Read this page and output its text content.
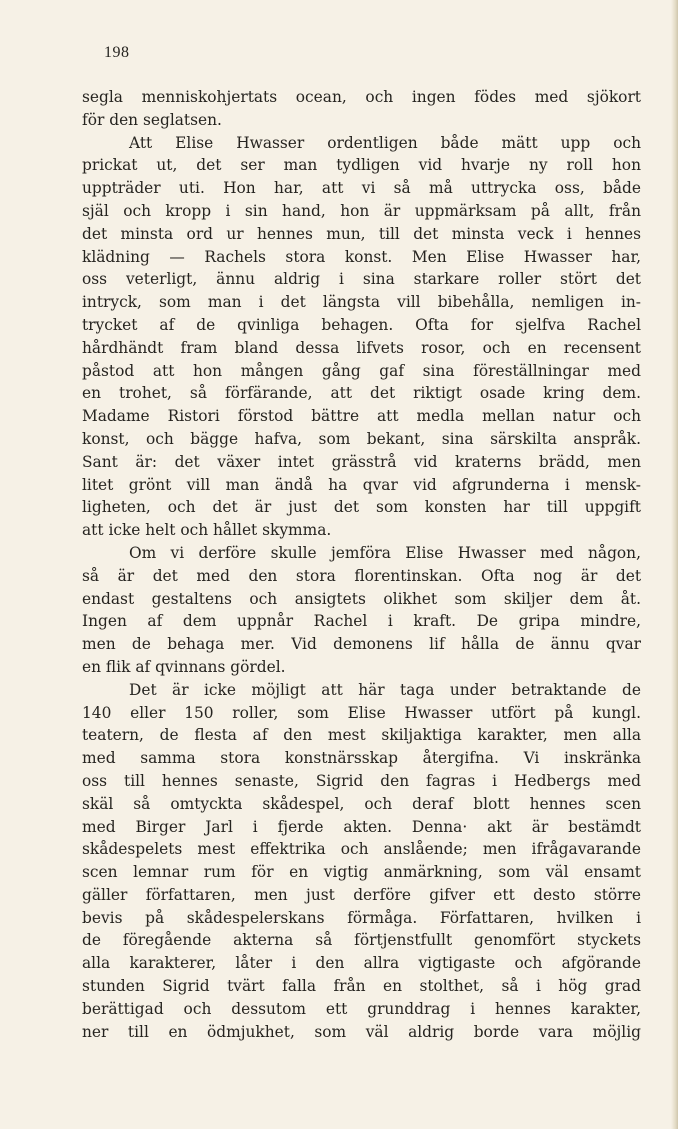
198
segla menniskohjertats ocean, och ingen födes med sjökort
för den seglatsen.
Att Elise Hwasser ordentligen både mätt upp och
prickat ut, det ser man tydligen vid hvarje ny roll hon
uppträder uti. Hon har, att vi så må uttrycka oss, både
själ och kropp i sin hand, hon är uppmärksam på allt, från
det minsta ord ur hennes mun, till det minsta veck i hennes
klädning — Rachels stora konst. Men Elise Hwasser har,
oss veterligt, ännu aldrig i sina starkare roller stört det
intryck, som man i det längsta vill bibehålla, nemligen in-
trycket af de qvinliga behagen. Ofta for sjelfva Rachel
hårdhändt fram bland dessa lifvets rosor, och en recensent
påstod att hon mången gång gaf sina föreställningar med
en trohet, så förfärande, att det riktigt osade kring dem.
Madame Ristori förstod bättre att medla mellan natur och
konst, och bägge hafva, som bekant, sina särskilta anspråk.
Sant är: det växer intet grässtrå vid kraterns brädd, men
litet grönt vill man ändå ha qvar vid afgrunderna i mensk-
ligheten, och det är just det som konsten har till uppgift
att icke helt och hållet skymma.
Om vi derföre skulle jemföra Elise Hwasser med någon,
så är det med den stora florentinskan. Ofta nog är det
endast gestaltens och ansigtets olikhet som skiljer dem åt.
Ingen af dem uppnår Rachel i kraft. De gripa mindre,
men de behaga mer. Vid demonens lif hålla de ännu qvar
en flik af qvinnans gördel.
Det är icke möjligt att här taga under betraktande de
140 eller 150 roller, som Elise Hwasser utfört på kungl.
teatern, de flesta af den mest skiljaktiga karakter, men alla
med samma stora konstnärsskap återgifna. Vi inskränka
oss till hennes senaste, Sigrid den fagras i Hedbergs med
skäl så omtyckta skådespel, och deraf blott hennes scen
med Birger Jarl i fjerde akten. Denna· akt är bestämdt
skådespelets mest effektrika och anslående; men ifrågavarande
scen lemnar rum för en vigtig anmärkning, som väl ensamt
gäller författaren, men just derföre gifver ett desto större
bevis på skådespelerskans förmåga. Författaren, hvilken i
de föregående akterna så förtjenstfullt genomfört styckets
alla karakterer, låter i den allra vigtigaste och afgörande
stunden Sigrid tvärt falla från en stolthet, så i hög grad
berättigad och dessutom ett grunddrag i hennes karakter,
ner till en ödmjukhet, som väl aldrig borde vara möjlig
